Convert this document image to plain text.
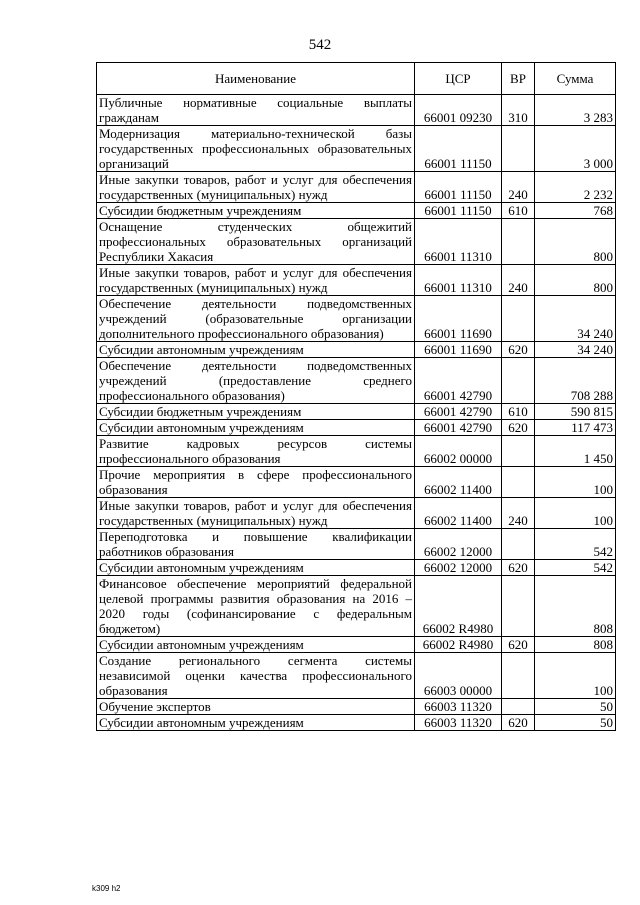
542
Наименование	ЦСР	ВР	Сумма
Публичные нормативные социальные выплаты гражданам	66001 09230	310	3 283
Модернизация материально-технической базы государственных профессиональных образовательных организаций	66001 11150		3 000
Иные закупки товаров, работ и услуг для обеспечения государственных (муниципальных) нужд	66001 11150	240	2 232
Субсидии бюджетным учреждениям	66001 11150	610	768
Оснащение студенческих общежитий профессиональных образовательных организаций Республики Хакасия	66001 11310		800
Иные закупки товаров, работ и услуг для обеспечения государственных (муниципальных) нужд	66001 11310	240	800
Обеспечение деятельности подведомственных учреждений (образовательные организации дополнительного профессионального образования)	66001 11690		34 240
Субсидии автономным учреждениям	66001 11690	620	34 240
Обеспечение деятельности подведомственных учреждений (предоставление среднего профессионального образования)	66001 42790		708 288
Субсидии бюджетным учреждениям	66001 42790	610	590 815
Субсидии автономным учреждениям	66001 42790	620	117 473
Развитие кадровых ресурсов системы профессионального образования	66002 00000		1 450
Прочие мероприятия в сфере профессионального образования	66002 11400		100
Иные закупки товаров, работ и услуг для обеспечения государственных (муниципальных) нужд	66002 11400	240	100
Переподготовка и повышение квалификации работников образования	66002 12000		542
Субсидии автономным учреждениям	66002 12000	620	542
Финансовое обеспечение мероприятий федеральной целевой программы развития образования на 2016 – 2020 годы (софинансирование с федеральным бюджетом)	66002 R4980		808
Субсидии автономным учреждениям	66002 R4980	620	808
Создание регионального сегмента системы независимой оценки качества профессионального образования	66003 00000		100
Обучение экспертов	66003 11320		50
Субсидии автономным учреждениям	66003 11320	620	50
k309 h2
